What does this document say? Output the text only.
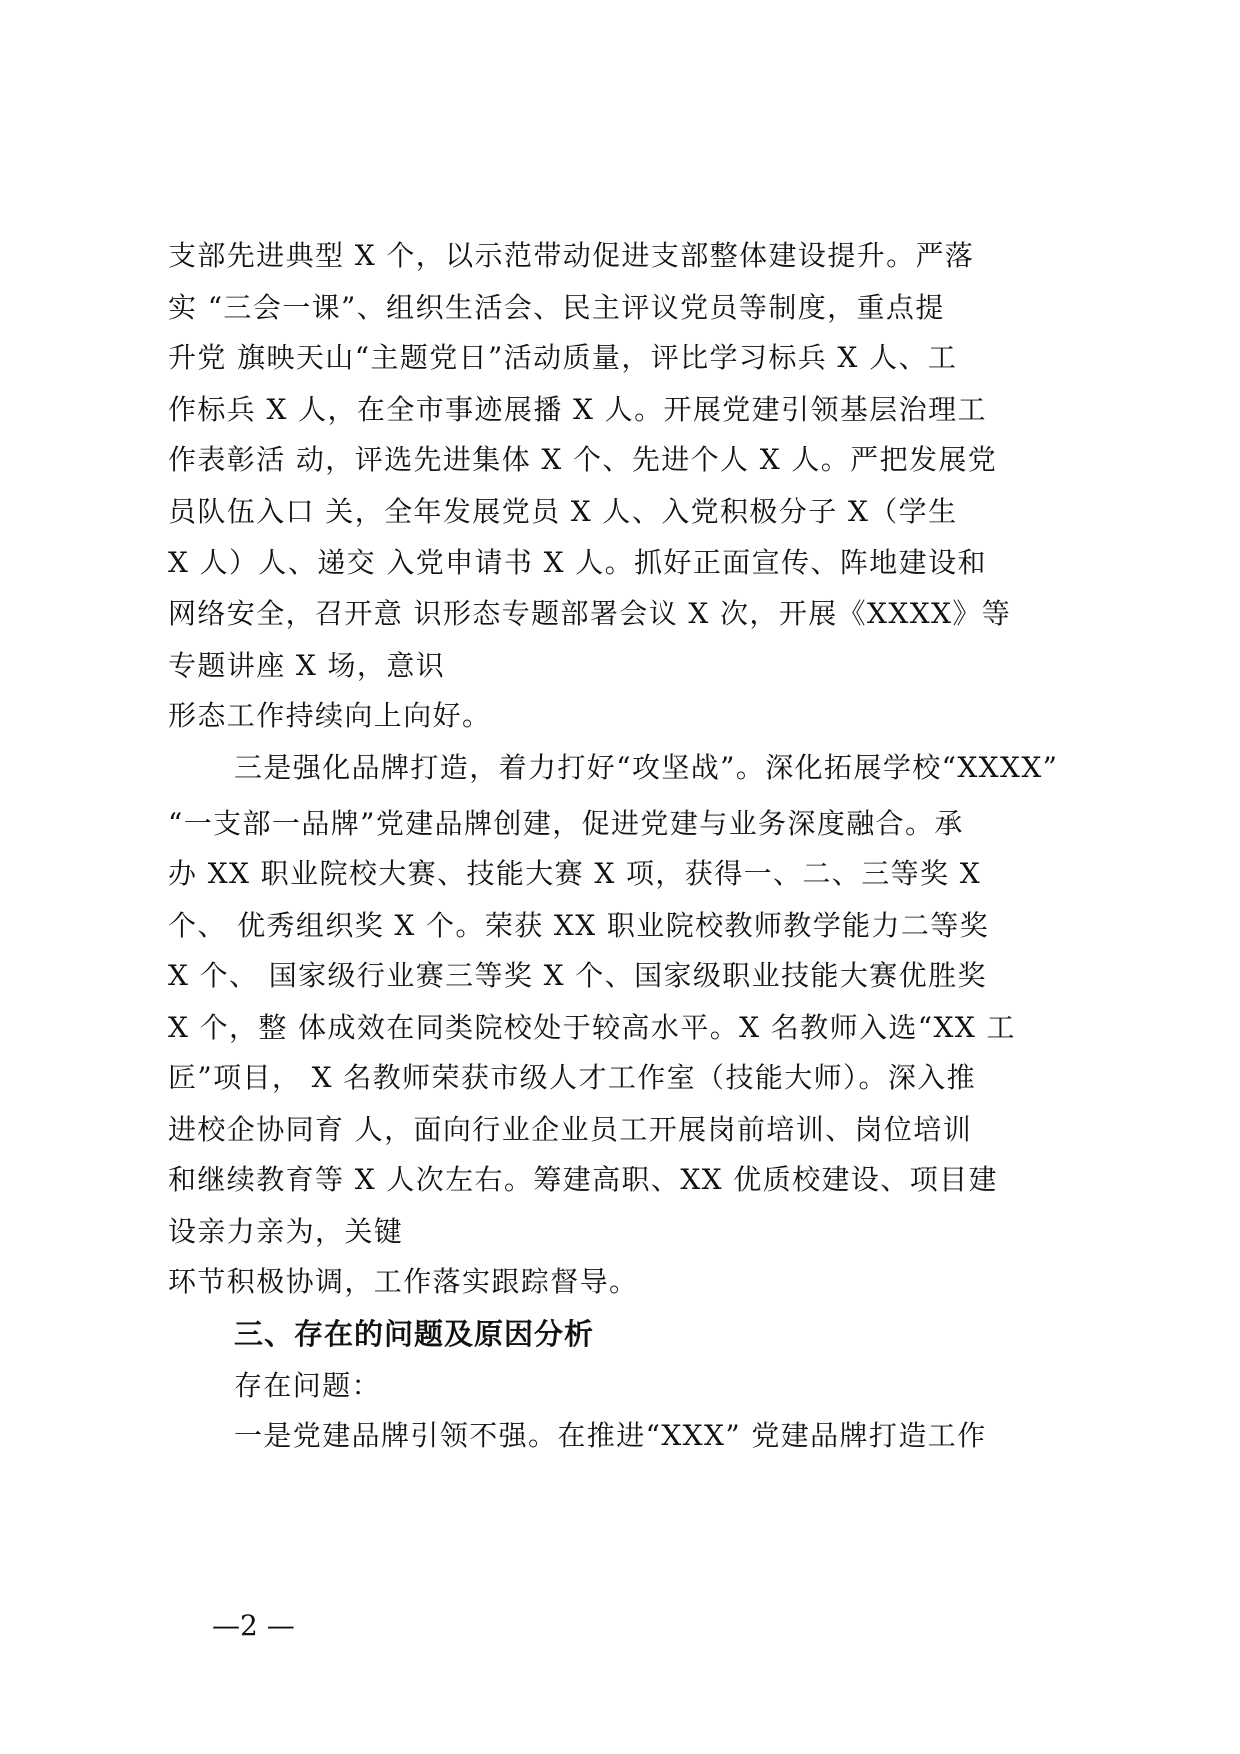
支部先进典型 X 个，以示范带动促进支部整体建设提升。严落
实 “三会一课”、组织生活会、民主评议党员等制度，重点提
升党 旗映天山“主题党日”活动质量，评比学习标兵 X 人、工
作标兵 X 人，在全市事迹展播 X 人。开展党建引领基层治理工
作表彰活 动，评选先进集体 X 个、先进个人 X 人。严把发展党
员队伍入口 关，全年发展党员 X 人、入党积极分子 X（学生
X 人）人、递交 入党申请书 X 人。抓好正面宣传、阵地建设和
网络安全，召开意 识形态专题部署会议 X 次，开展《XXXX》等
专题讲座 X 场，意识
形态工作持续向上向好。
三是强化品牌打造，着力打好“攻坚战”。深化拓展学校“XXXX”
“一支部一品牌”党建品牌创建，促进党建与业务深度融合。承
办 XX 职业院校大赛、技能大赛 X 项，获得一、二、三等奖 X
个、 优秀组织奖 X 个。荣获 XX 职业院校教师教学能力二等奖
X 个、 国家级行业赛三等奖 X 个、国家级职业技能大赛优胜奖
X 个，整 体成效在同类院校处于较高水平。X 名教师入选“XX 工
匠”项目， X 名教师荣获市级人才工作室（技能大师）。深入推
进校企协同育 人，面向行业企业员工开展岗前培训、岗位培训
和继续教育等 X 人次左右。筹建高职、XX 优质校建设、项目建
设亲力亲为，关键
环节积极协调，工作落实跟踪督导。
三、存在的问题及原因分析
存在问题：
一是党建品牌引领不强。在推进“XXX” 党建品牌打造工作
—2 —
